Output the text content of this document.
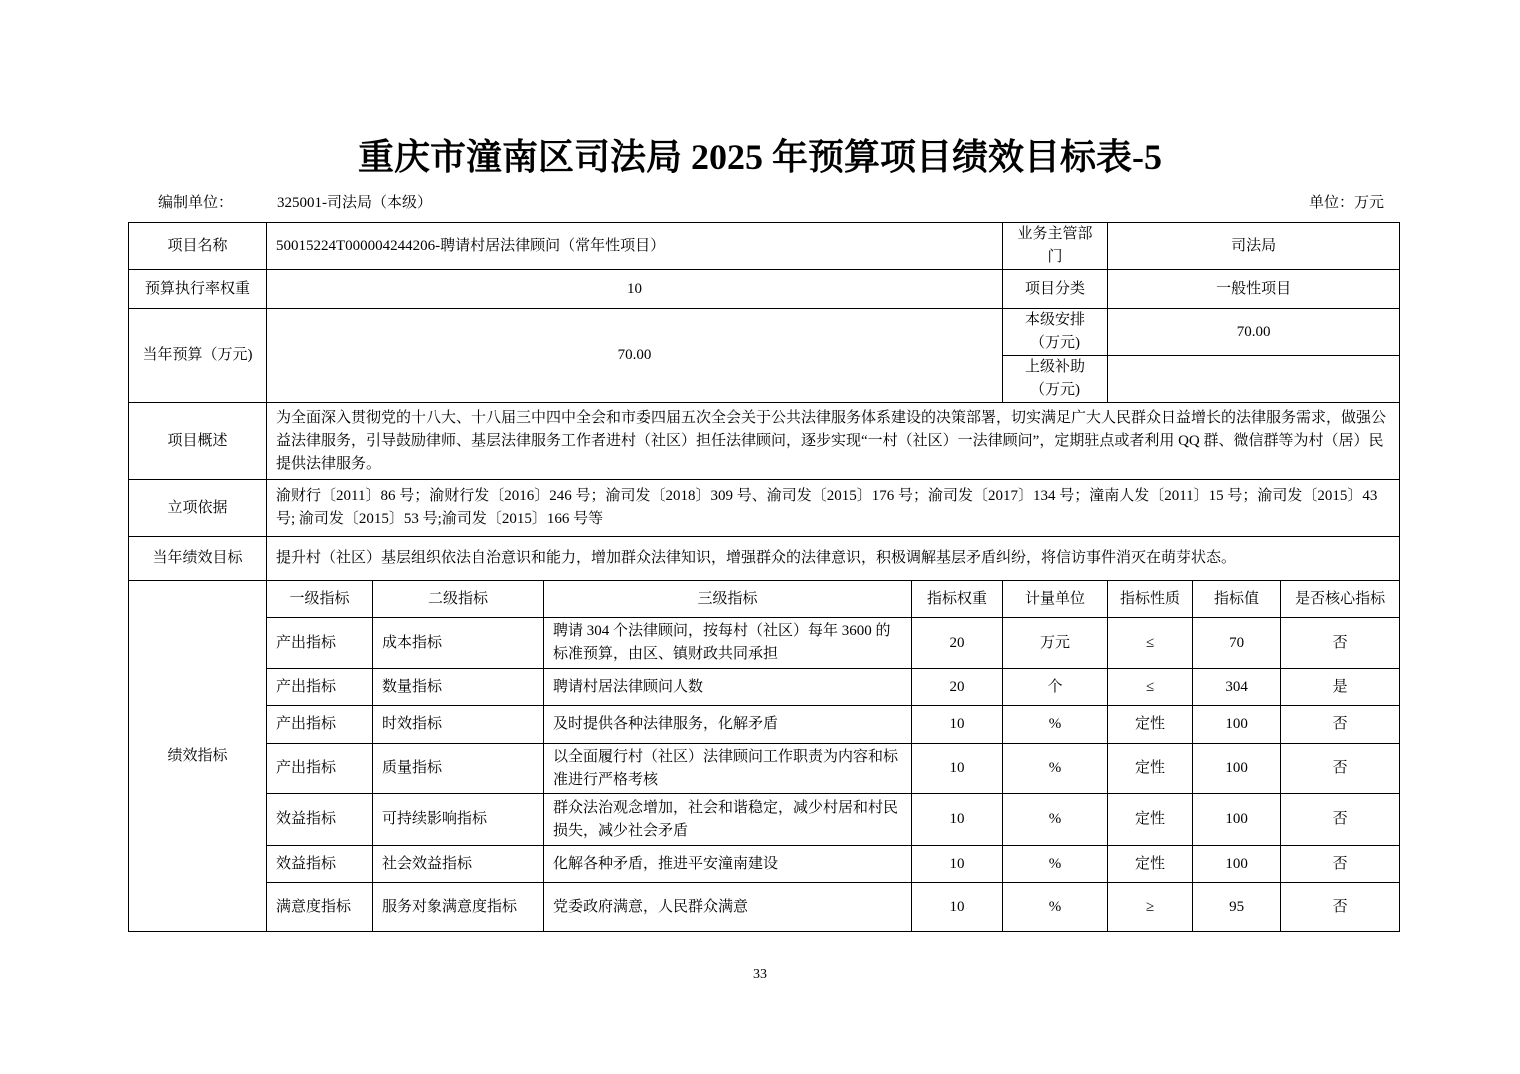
重庆市潼南区司法局 2025 年预算项目绩效目标表-5
编制单位：	325001-司法局（本级）	单位：万元
项目名称	50015224T000004244206-聘请村居法律顾问（常年性项目）				业务主管部门	司法局		
预算执行率权重	10				项目分类	一般性项目		
当年预算（万元)	70.00				本级安排（万元)	70.00		
					上级补助（万元)			
项目概述	为全面深入贯彻党的十八大、十八届三中四中全会和市委四届五次全会关于公共法律服务体系建设的决策部署，切实满足广大人民群众日益增长的法律服务需求，做强公益法律服务，引导鼓励律师、基层法律服务工作者进村（社区）担任法律顾问，逐步实现“一村（社区）一法律顾问”，定期驻点或者利用 QQ 群、微信群等为村（居）民提供法律服务。							
立项依据	渝财行〔2011〕86 号；渝财行发〔2016〕246 号；渝司发〔2018〕309 号、渝司发〔2015〕176 号；渝司发〔2017〕134 号；潼南人发〔2011〕15 号；渝司发〔2015〕43 号; 渝司发〔2015〕53 号;渝司发〔2015〕166 号等							
当年绩效目标	提升村（社区）基层组织依法自治意识和能力，增加群众法律知识，增强群众的法律意识，积极调解基层矛盾纠纷，将信访事件消灭在萌芽状态。							
绩效指标	一级指标	二级指标	三级指标	指标权重	计量单位	指标性质	指标值	是否核心指标
	产出指标	成本指标	聘请 304 个法律顾问，按每村（社区）每年 3600 的标准预算，由区、镇财政共同承担	20	万元	≤	70	否
	产出指标	数量指标	聘请村居法律顾问人数	20	个	≤	304	是
	产出指标	时效指标	及时提供各种法律服务，化解矛盾	10	%	定性	100	否
	产出指标	质量指标	以全面履行村（社区）法律顾问工作职责为内容和标准进行严格考核	10	%	定性	100	否
	效益指标	可持续影响指标	群众法治观念增加，社会和谐稳定，减少村居和村民损失，减少社会矛盾	10	%	定性	100	否
	效益指标	社会效益指标	化解各种矛盾，推进平安潼南建设	10	%	定性	100	否
	满意度指标	服务对象满意度指标	党委政府满意，人民群众满意	10	%	≥	95	否
33
